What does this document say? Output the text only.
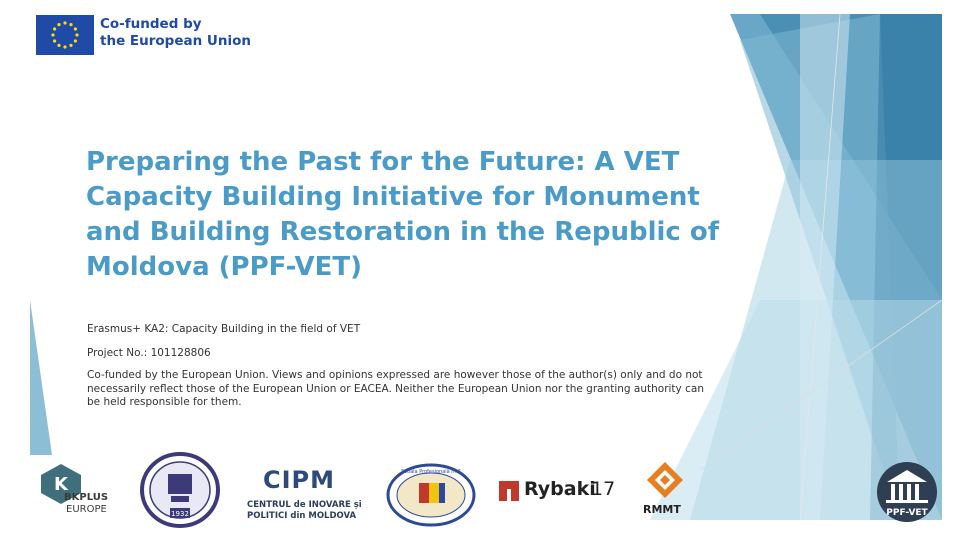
Co-funded by
the European Union
Preparing the Past for the Future: A VET Capacity Building Initiative for Monument and Building Restoration in the Republic of Moldova (PPF-VET)
Erasmus+ KA2: Capacity Building in the field of VET
Project No.: 101128806
Co-funded by the European Union. Views and opinions expressed are however those of the author(s) only and do not necessarily reflect those of the European Union or EACEA. Neither the European Union nor the granting authority can be held responsible for them.
K
BKPLUS
EUROPE	1932
CIPM
CENTRUL de INOVARE și
POLITICI din MOLDOVA
Școala Profesională nr.3
Rybaki
17
RMMT	PPF-VET
